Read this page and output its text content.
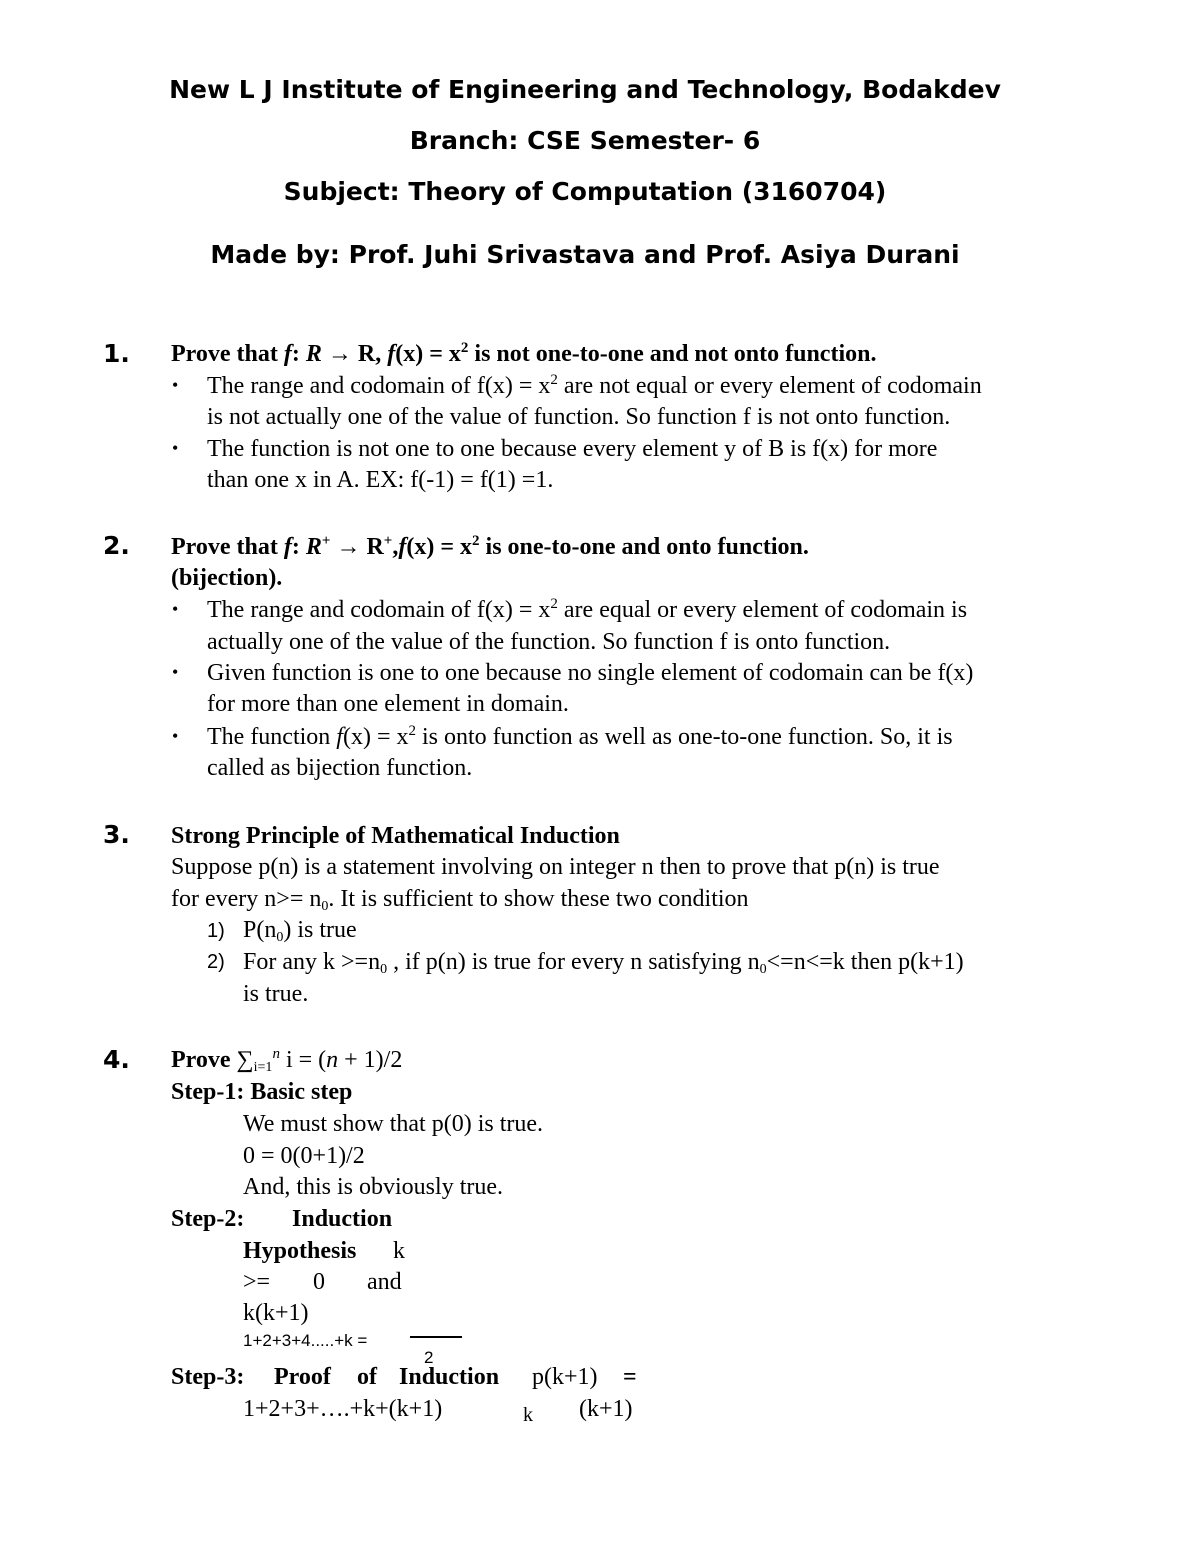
New L J Institute of Engineering and Technology, Bodakdev
Branch: CSE Semester- 6
Subject: Theory of Computation (3160704)
Made by: Prof. Juhi Srivastava and Prof. Asiya Durani
1. Prove that f: R → R, $f(x) = x^2$ is not one-to-one and not onto function.
• The range and codomain of $f(x) = x^2$ are not equal or every element of codomain
is not actually one of the value of function. So function f is not onto function.
• The function is not one to one because every element y of B is f(x) for more
than one x in A. EX: f(-1) = f(1) =1.
2. Prove that f: $R^+ \to R^+,f(x) = x^2$ is one-to-one and onto function.
(bijection).
• The range and codomain of $f(x) = x^2$ are equal or every element of codomain is
actually one of the value of the function. So function f is onto function.
• Given function is one to one because no single element of codomain can be f(x)
for more than one element in domain.
• The function $f(x) = x^2$ is onto function as well as one-to-one function. So, it is
called as bijection function.
3. Strong Principle of Mathematical Induction
Suppose p(n) is a statement involving on integer n then to prove that p(n) is true
for every $n>= n_0$. It is sufficient to show these two condition
1) $P(n_0)$ is true
2) For any $k >=n_0$ , if p(n) is true for every n satisfying $n_0<=n<=k$ then p(k+1)
is true.
4. Prove $\sum_{i=1}^n$ i = (n + 1)/2
Step-1: Basic step
We must show that p(0) is true.
0 = 0(0+1)/2
And, this is obviously true.
Step-2: Induction
Hypothesis k
>= 0 and
k(k+1)
1+2+3+4.....+k =
2
Step-3: Proof of Induction p(k+1) =
1+2+3+….+k+(k+1)	k (k+1)
